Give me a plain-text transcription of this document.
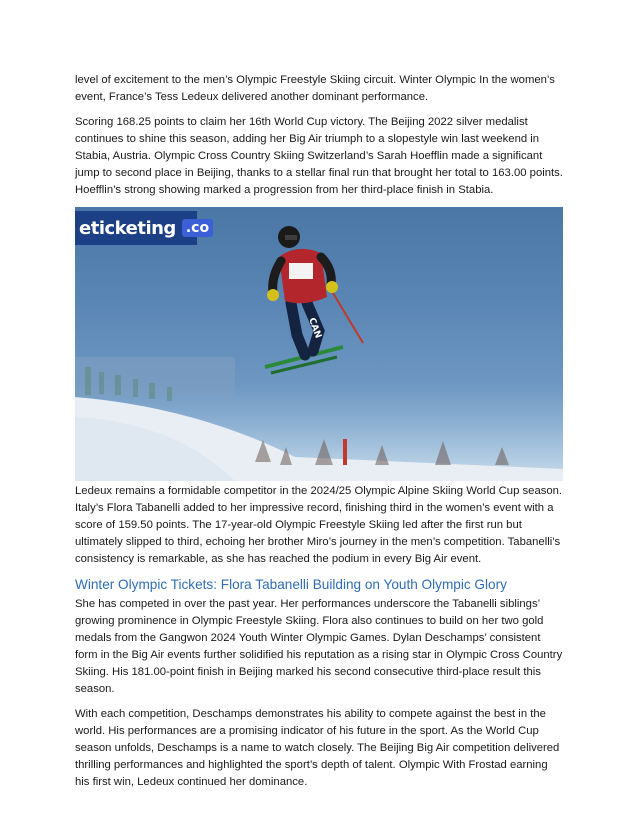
level of excitement to the men’s Olympic Freestyle Skiing circuit. Winter Olympic In the women’s event, France’s Tess Ledeux delivered another dominant performance.

Scoring 168.25 points to claim her 16th World Cup victory. The Beijing 2022 silver medalist continues to shine this season, adding her Big Air triumph to a slopestyle win last weekend in Stabia, Austria. Olympic Cross Country Skiing Switzerland’s Sarah Hoefflin made a significant jump to second place in Beijing, thanks to a stellar final run that brought her total to 163.00 points. Hoefflin’s strong showing marked a progression from her third-place finish in Stabia.

CAN
eticketing .co

Ledeux remains a formidable competitor in the 2024/25 Olympic Alpine Skiing World Cup season. Italy’s Flora Tabanelli added to her impressive record, finishing third in the women’s event with a score of 159.50 points. The 17-year-old Olympic Freestyle Skiing led after the first run but ultimately slipped to third, echoing her brother Miro’s journey in the men’s competition. Tabanelli’s consistency is remarkable, as she has reached the podium in every Big Air event.

Winter Olympic Tickets: Flora Tabanelli Building on Youth Olympic Glory

She has competed in over the past year. Her performances underscore the Tabanelli siblings’ growing prominence in Olympic Freestyle Skiing. Flora also continues to build on her two gold medals from the Gangwon 2024 Youth Winter Olympic Games. Dylan Deschamps’ consistent form in the Big Air events further solidified his reputation as a rising star in Olympic Cross Country Skiing. His 181.00-point finish in Beijing marked his second consecutive third-place result this season.

With each competition, Deschamps demonstrates his ability to compete against the best in the world. His performances are a promising indicator of his future in the sport. As the World Cup season unfolds, Deschamps is a name to watch closely. The Beijing Big Air competition delivered thrilling performances and highlighted the sport’s depth of talent. Olympic With Frostad earning his first win, Ledeux continued her dominance.
